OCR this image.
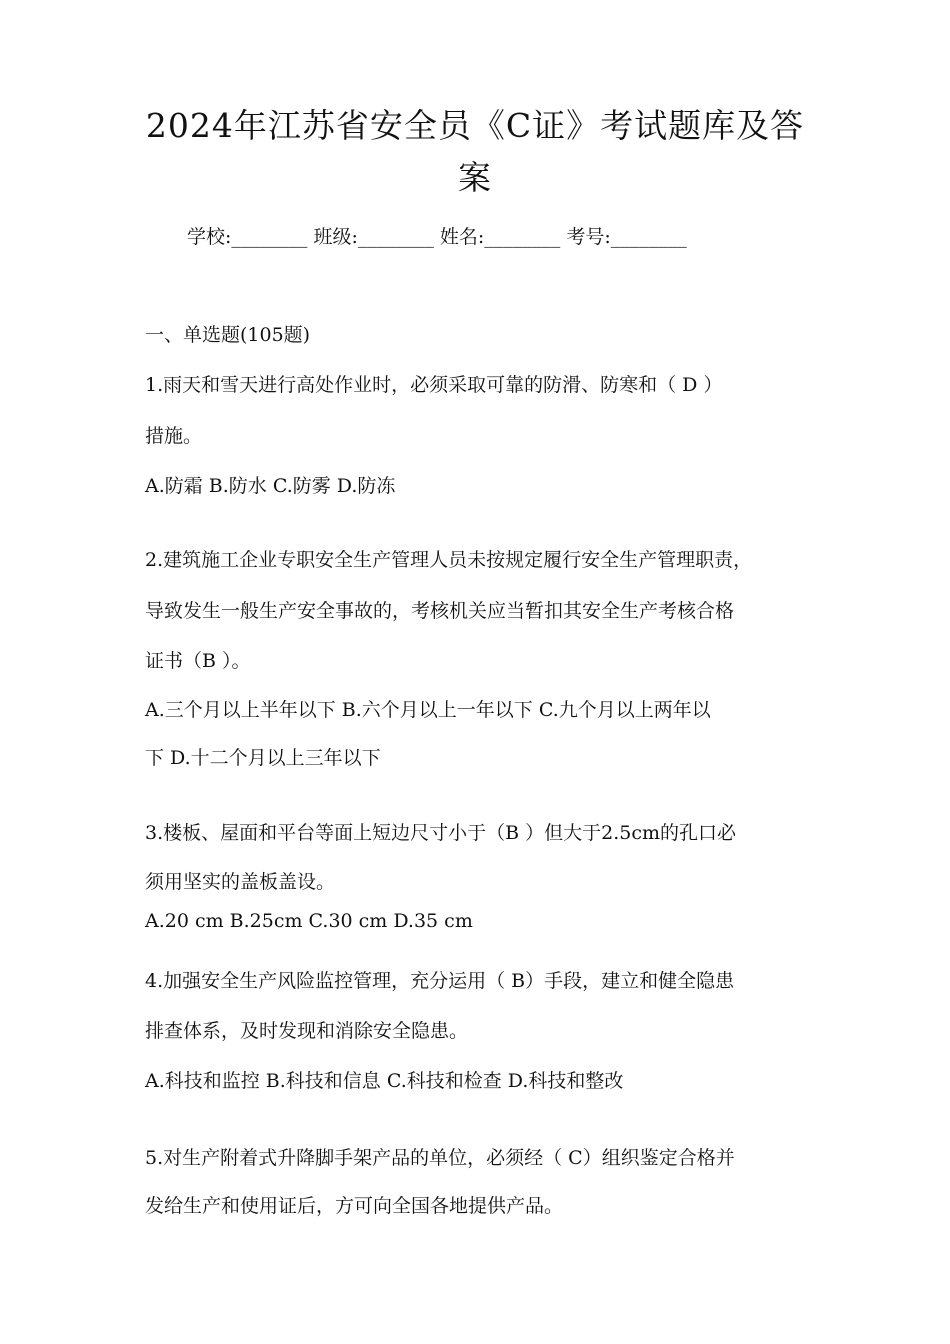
2024年江苏省安全员《C证》考试题库及答
案
学校:________ 班级:________ 姓名:________ 考号:________
一、单选题(105题)
1.雨天和雪天进行高处作业时，必须采取可靠的防滑、防寒和（ D ）
措施。
A.防霜 B.防水 C.防雾 D.防冻
2.建筑施工企业专职安全生产管理人员未按规定履行安全生产管理职责，
导致发生一般生产安全事故的，考核机关应当暂扣其安全生产考核合格
证书（B ）。
A.三个月以上半年以下 B.六个月以上一年以下 C.九个月以上两年以
下 D.十二个月以上三年以下
3.楼板、屋面和平台等面上短边尺寸小于（B ）但大于2.5cm的孔口必
须用坚实的盖板盖设。
A.20 cm B.25cm C.30 cm D.35 cm
4.加强安全生产风险监控管理，充分运用（ B）手段，建立和健全隐患
排查体系，及时发现和消除安全隐患。
A.科技和监控 B.科技和信息 C.科技和检查 D.科技和整改
5.对生产附着式升降脚手架产品的单位，必须经（ C）组织鉴定合格并
发给生产和使用证后，方可向全国各地提供产品。
